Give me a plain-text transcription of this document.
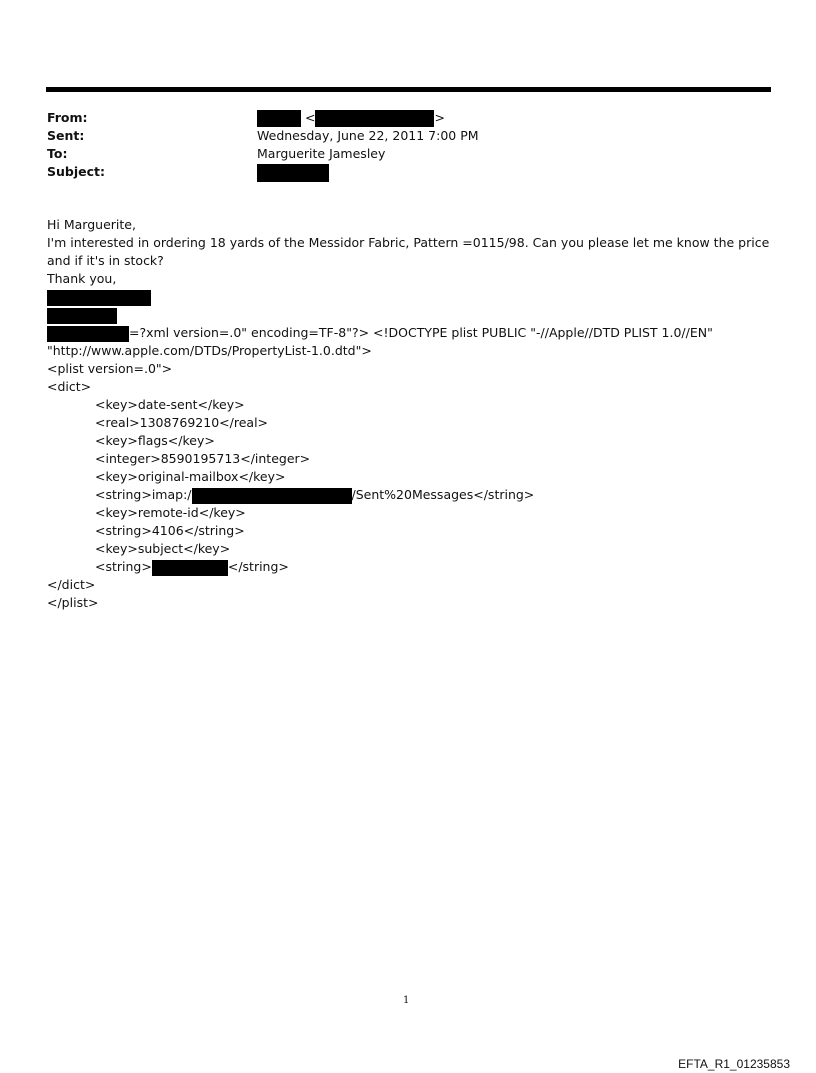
From:	<	>
Sent:	Wednesday, June 22, 2011 7:00 PM
To:	Marguerite Jamesley
Subject:

Hi Marguerite,

I'm interested in ordering 18 yards of the Messidor Fabric, Pattern =0115/98. Can you please let me know the price and if it's in stock?

Thank you,

=?xml version=.0" encoding=TF-8"?> <!DOCTYPE plist PUBLIC "-//Apple//DTD PLIST 1.0//EN"
"http://www.apple.com/DTDs/PropertyList-1.0.dtd">
<plist version=.0">
<dict>
<key>date-sent</key>
<real>1308769210</real>
<key>flags</key>
<integer>8590195713</integer>
<key>original-mailbox</key>
<string>imap:/	/Sent%20Messages</string>
<key>remote-id</key>
<string>4106</string>
<key>subject</key>
<string>	</string>
</dict>
</plist>
1
EFTA_R1_01235853
